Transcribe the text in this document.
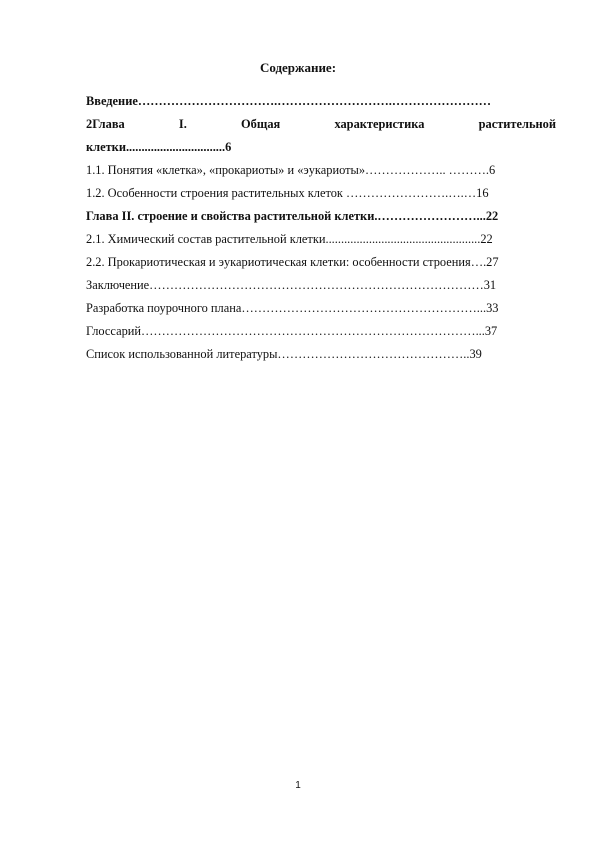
Содержание:
Введение…………………………….……………………….……………………
2Глава	I.	Общая	характеристика	растительной
клетки................................6
1.1. Понятия «клетка», «прокариоты» и «эукариоты»……………….. ……….6
1.2. Особенности строения растительных клеток …………………….….…16
Глава II. строение и свойства растительной клетки.……………………...22
2.1. Химический состав растительной клетки..................................................22
2.2. Прокариотическая и эукариотическая клетки: особенности строения….27
Заключение………………………………………………………………………31
Разработка поурочного плана…………………………………………………...33
Глоссарий………………………………………………………………………...37
Список использованной литературы………………………………………..39
1
